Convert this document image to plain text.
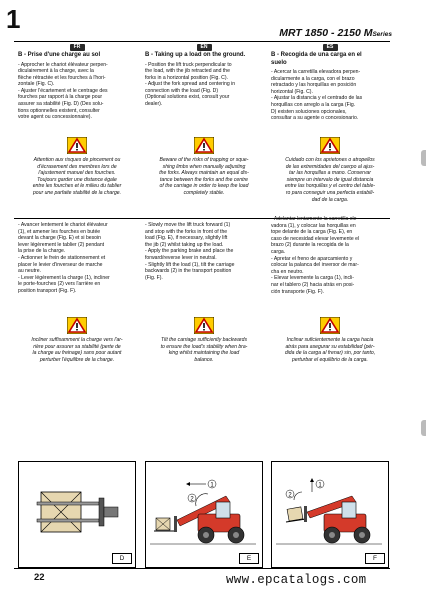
1	MRT 1850 - 2150 MSeries
FR
B - Prise d'une charge au sol

- Approcher le chariot élévateur perpen-
diculairement à la charge, avec la
flèche rétractée et les fourches à l'hori-
zontale (Fig. C).
- Ajuster l'écartement et le centrage des
fourches par rapport à la charge pour
assurer sa stabilité (Fig. D) (Des solu-
tions optionnelles existent, consulter
votre agent ou concessionnaire).

EN
B - Taking up a load on the ground.

- Position the lift truck perpendicular to
the load, with the jib retracted and the
forks in a horizontal position (Fig. C).
- Adjust the fork spread and centering in
connection with the load (Fig. D)
(Optional solutions exist, consult your
dealer).

ES
B - Recogida de una carga en el
suelo

- Acercar la carretilla elevadora perpen-
dicularmente a la carga, con el brazo
retractado y las horquillas en posición
horizontal (Fig. C).
- Ajustar la distancia y el centrado de las
horquillas con arreglo a la carga (Fig.
D) existen soluciones opcionales,
consultar a su agente o concesionario.

Attention aux risques de pincement ou
d'écrasement des membres lors de
l'ajustement manuel des fourches.
Toujours garder une distance égale
entre les fourches et le milieu du tablier
pour une parfaite stabilité de la charge.
Beware of the risks of trapping or sque-
shing limbs when manually adjusting
the forks. Always maintain an equal dis-
tance between the forks and the centre
of the carriage in order to keep the load
completely stable.
Cuidado con los aprietones o atropellos
de las extremidades del cuerpo al ajus-
tar las horquillas a mano. Conservar
siempre un intervalo de igual distancia
entre las horquillas y el centro del table-
ro para conseguir una perfecta estabili-
dad de la carga.

- Avancer lentement le chariot élévateur
(1), et amener les fourches en butée
devant la charge (Fig. E) et si besoin
lever légèrement le tablier (2) pendant
la prise de la charge.
- Actionner le frein de stationnement et
placer le levier d'inverseur de marche
au neutre.
- Lever légèrement la charge (1), incliner
le porte-fourches (2) vers l'arrière en
position transport (Fig. F).

- Slowly move the lift truck forward (1)
and stop with the forks in front of the
load (Fig. E), if necessary, slightly lift
the jib (2) whilst taking up the load.
- Apply the parking brake and place the
forward/reverse lever in neutral.
- Slightly lift the load (1), tilt the carriage
backwards (2) in the transport position
(Fig. F).

- Adelantar lentamente la carretilla ele-
vadora (1), y colocar las horquillas en
tope delante de la carga (Fig. E), en
caso de necesidad elevar levemente el
brazo (2) durante la recogida de la
carga.
- Apretar el freno de aparcamiento y
colocar la palanca del inversor de mar-
cha en neutro.
- Elevar levemente la carga (1), incli-
nar el tablero (2) hacia atrás en posi-
ción transporte (Fig. F).

Incliner suffisamment la charge vers l'ar-
rière pour assurer sa stabilité (perte de
la charge au freinage) sans pour autant
perturber l'équilibre de la charge.
Tilt the carriage sufficiently backwards
to ensure the load's stability when bra-
king whilst maintaining the load
balance.
Inclinar suficientemente la carga hacia
atrás para asegurar su estabilidad (pér-
dida de la carga al frenar) sin, por tanto,
perturbar el equilibrio de la carga.
D
1
2
E
1
2
F
22	www.epcatalogs.com
